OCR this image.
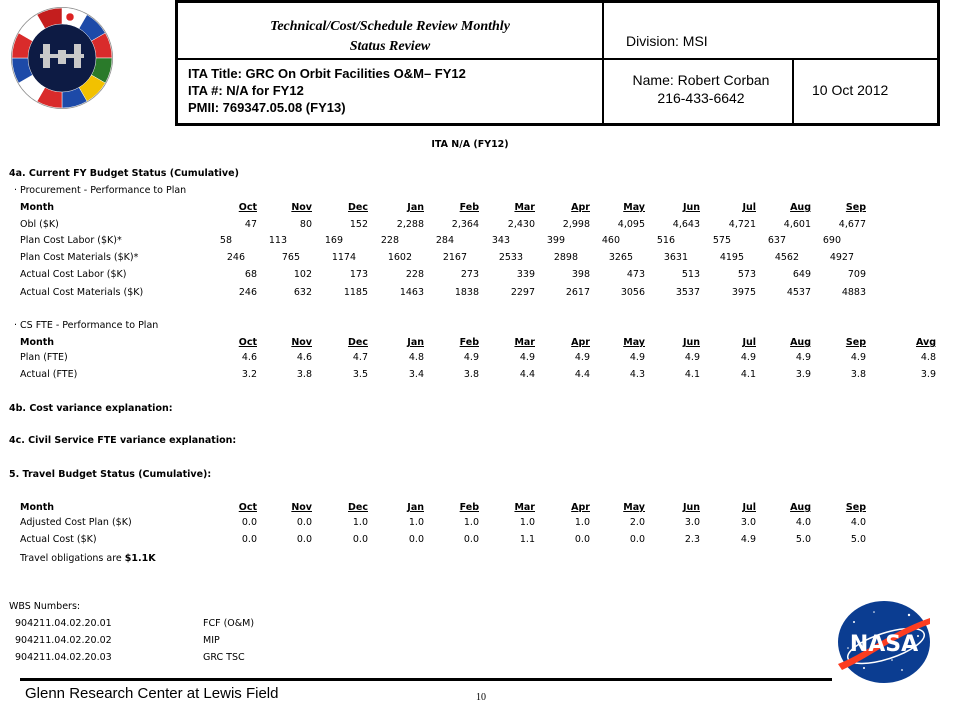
Technical/Cost/Schedule Review Monthly
Status Review	Division: MSI
ITA Title: GRC On Orbit Facilities O&M– FY12
ITA #: N/A for FY12
PMII: 769347.05.08 (FY13)
Name: Robert Corban
216-433-6642	10 Oct 2012
ITA N/A (FY12)
4a. Current FY Budget Status (Cumulative)
· Procurement - Performance to Plan
Month	Oct	Nov	Dec	Jan	Feb	Mar	Apr	May	Jun	Jul	Aug	Sep
Obl ($K)	47	80	152	2,288	2,364	2,430	2,998	4,095	4,643	4,721	4,601	4,677
Plan Cost Labor ($K)*	58	113	169	228	284	343	399	460	516	575	637	690
Plan Cost Materials ($K)*	246	765	1174	1602	2167	2533	2898	3265	3631	4195	4562	4927
Actual Cost Labor ($K)	68	102	173	228	273	339	398	473	513	573	649	709
Actual Cost Materials ($K)	246	632	1185	1463	1838	2297	2617	3056	3537	3975	4537	4883
· CS FTE - Performance to Plan
Month	Oct	Nov	Dec	Jan	Feb	Mar	Apr	May	Jun	Jul	Aug	Sep	Avg
Plan (FTE)	4.6	4.6	4.7	4.8	4.9	4.9	4.9	4.9	4.9	4.9	4.9	4.9	4.8
Actual (FTE)	3.2	3.8	3.5	3.4	3.8	4.4	4.4	4.3	4.1	4.1	3.9	3.8	3.9
4b. Cost variance explanation:
4c. Civil Service FTE variance explanation:
5. Travel Budget Status (Cumulative):
Month	Oct	Nov	Dec	Jan	Feb	Mar	Apr	May	Jun	Jul	Aug	Sep
Adjusted Cost Plan ($K)	0.0	0.0	1.0	1.0	1.0	1.0	1.0	2.0	3.0	3.0	4.0	4.0
Actual Cost ($K)	0.0	0.0	0.0	0.0	0.0	1.1	0.0	0.0	2.3	4.9	5.0	5.0
Travel obligations are $1.1K
WBS Numbers:
904211.04.02.20.01	FCF (O&M)
904211.04.02.20.02	MIP
904211.04.02.20.03	GRC TSC
NASA
Glenn Research Center at Lewis Field	10
